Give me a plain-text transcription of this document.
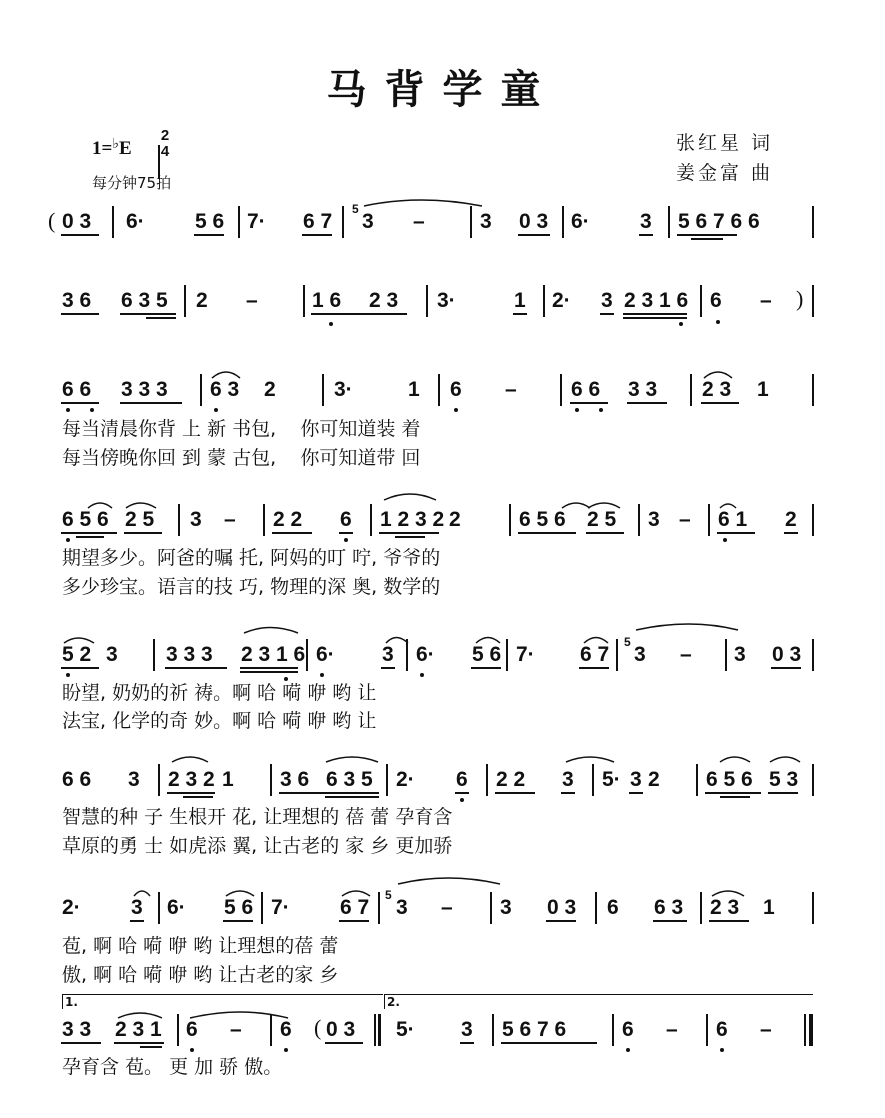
马背学童
1=♭E
2
4
每分钟75拍
张红星 词
姜金富 曲
( 0 3 6· 5 6 7· 6 7
5
3 –	3 0 3 6· 3 5 6 7 6 6
3 6 6 3 5 2 –	1 6 2 3 3·	1 2· 3 2 3 1 6 6 – )
6 6 3 3 3 6 3 2	3·	1 6 –	6 6 3 3 2 3 1
每当清晨你背 上 新 书包,    你可知道装 着
每当傍晚你回 到 蒙 古包,    你可知道带 回
6 5 6 2 5 3 – 2 2 6 1 2 3 2 2	6 5 6 2 5 3 – 6 1 2
期望多少。阿爸的嘱 托, 阿妈的叮 咛, 爷爷的
多少珍宝。语言的技 巧, 物理的深 奥, 数学的
5 2 3 3 3 3 2 3 1 6 6· 3 6· 5 6 7· 6 7
5
3 – 3 0 3
盼望, 奶奶的祈 祷。啊 哈 嗬 咿 哟 让
法宝, 化学的奇 妙。啊 哈 嗬 咿 哟 让
6 6 3 2 3 2 1 3 6 6 3 5 2· 6 2 2 3 5· 3 2 6 5 6 5 3
智慧的种 子 生根开 花, 让理想的 蓓 蕾 孕育含
草原的勇 士 如虎添 翼, 让古老的 家 乡 更加骄
2· 3 6· 5 6 7· 6 7
5
3 – 3 0 3 6 6 3 2 3 1
苞, 啊 哈 嗬 咿 哟 让理想的蓓 蕾
傲, 啊 哈 嗬 咿 哟 让古老的家 乡
1.	2.
3 3 2 3 1 6 – 6 ( 0 3 5· 3 5 6 7 6	6 – 6 –
孕育含 苞。 更 加 骄 傲。
